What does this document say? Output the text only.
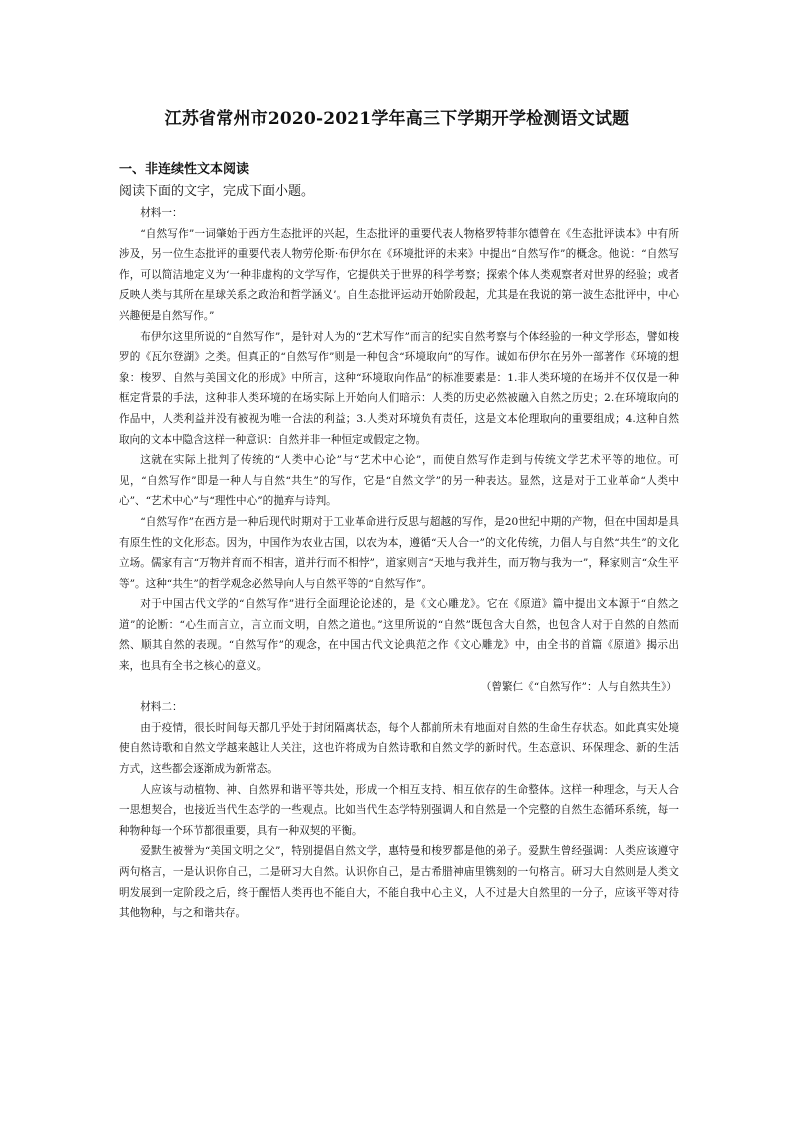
江苏省常州市2020-2021学年高三下学期开学检测语文试题
一、非连续性文本阅读
阅读下面的文字，完成下面小题。

材料一：

“自然写作”一词肇始于西方生态批评的兴起，生态批评的重要代表人物格罗特菲尔德曾在《生态批评读本》中有所涉及，另一位生态批评的重要代表人物劳伦斯·布伊尔在《环境批评的未来》中提出“自然写作”的概念。他说：“自然写作，可以简洁地定义为‘一种非虚构的文学写作，它提供关于世界的科学考察；探索个体人类观察者对世界的经验；或者反映人类与其所在星球关系之政治和哲学涵义’。自生态批评运动开始阶段起，尤其是在我说的第一波生态批评中，中心兴趣便是自然写作。”

布伊尔这里所说的“自然写作”，是针对人为的“艺术写作”而言的纪实自然考察与个体经验的一种文学形态，譬如梭罗的《瓦尔登湖》之类。但真正的“自然写作”则是一种包含“环境取向”的写作。诚如布伊尔在另外一部著作《环境的想象：梭罗、自然与美国文化的形成》中所言，这种“环境取向作品”的标准要素是：1.非人类环境的在场并不仅仅是一种框定背景的手法，这种非人类环境的在场实际上开始向人们暗示：人类的历史必然被融入自然之历史；2.在环境取向的作品中，人类利益并没有被视为唯一合法的利益；3.人类对环境负有责任，这是文本伦理取向的重要组成；4.这种自然取向的文本中隐含这样一种意识：自然并非一种恒定或假定之物。

这就在实际上批判了传统的“人类中心论”与“艺术中心论”，而使自然写作走到与传统文学艺术平等的地位。可见，“自然写作”即是一种人与自然“共生”的写作，它是“自然文学”的另一种表达。显然，这是对于工业革命“人类中心”、“艺术中心”与“理性中心”的拋弃与诗判。

“自然写作”在西方是一种后现代时期对于工业革命进行反思与超越的写作，是20世纪中期的产物，但在中国却是具有原生性的文化形态。因为，中国作为农业古国，以农为本，遵循“天人合一”的文化传统，力倡人与自然“共生”的文化立场。儒家有言“万物并育而不相害，道并行而不相悖”，道家则言“天地与我并生，而万物与我为一”，释家则言“众生平等”。这种“共生”的哲学观念必然导向人与自然平等的“自然写作”。

对于中国古代文学的“自然写作”进行全面理论论述的，是《文心雕龙》。它在《原道》篇中提出文本源于“自然之道”的论断：“心生而言立，言立而文明，自然之道也。”这里所说的“自然”既包含大自然，也包含人对于自然的自然而然、顺其自然的表现。“自然写作”的观念，在中国古代文论典范之作《文心雕龙》中，由全书的首篇《原道》揭示出来，也具有全书之核心的意义。

（曾繁仁《“自然写作”：人与自然共生》）

材料二：

由于疫情，很长时间每天都几乎处于封闭隔离状态，每个人都前所未有地面对自然的生命生存状态。如此真实处境使自然诗歌和自然文学越来越让人关注，这也许将成为自然诗歌和自然文学的新时代。生态意识、环保理念、新的生活方式，这些都会逐渐成为新常态。

人应该与动植物、神、自然界和谐平等共处，形成一个相互支持、相互依存的生命整体。这样一种理念，与天人合一思想契合，也接近当代生态学的一些观点。比如当代生态学特别强调人和自然是一个完整的自然生态循环系统，每一种物种每一个环节都很重要，具有一种双契的平衡。

爱默生被誉为“美国文明之父”，特别提倡自然文学，惠特曼和梭罗都是他的弟子。爱默生曾经强调：人类应该遵守两句格言，一是认识你自己，二是研习大自然。认识你自己，是古希腊神庙里镌刻的一句格言。研习大自然则是人类文明发展到一定阶段之后，终于醒悟人类再也不能自大，不能自我中心主义，人不过是大自然里的一分子，应该平等对待其他物种，与之和谐共存。
